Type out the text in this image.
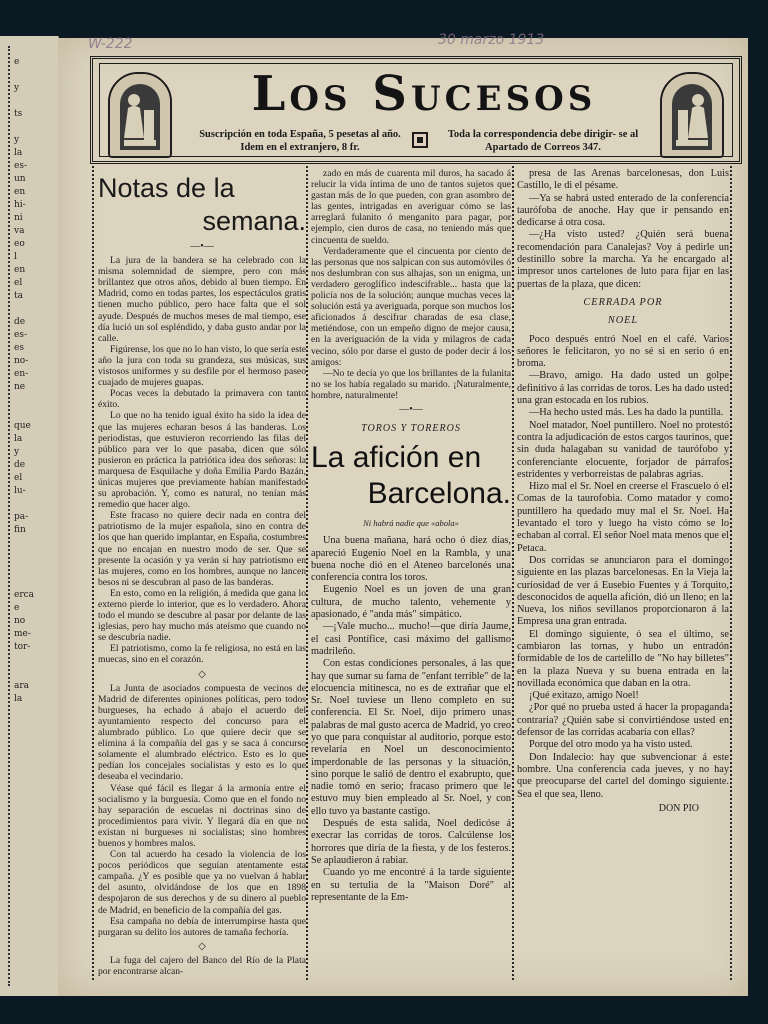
e

y

ts

y
la
es-
un
en
hi-
ni
va
eo
l
en
el
ta

de
es-
es
no-
en-
ne

que
la
y
de
el
lu-

pa-
fin

erca
e
no
me-
tor-

ara
la
W-222	30 marzo 1913
Los Sucesos
Suscripción en toda España, 5 pesetas al año. Idem en el extranjero, 8 fr.
Toda la correspondencia debe dirigir- se al Apartado de Correos 347.
Notas de la
semana.
—•—

La jura de la bandera se ha celebrado con la misma solemnidad de siempre, pero con más brillantez que otros años, debido al buen tiempo. En Madrid, como en todas partes, los espectáculos gratis tienen mucho público, pero hace falta que el sol ayude. Después de muchos meses de mal tiempo, ese día lució un sol espléndido, y daba gusto andar por la calle.

Figúrense, los que no lo han visto, lo que sería este año la jura con toda su grandeza, sus músicas, sus vistosos uniformes y su desfile por el hermoso paseo cuajado de mujeres guapas.

Pocas veces la debutado la primavera con tanto éxito.

Lo que no ha tenido igual éxito ha sido la idea de que las mujeres echaran besos á las banderas. Los periodistas, que estuvieron recorriendo las filas del público para ver lo que pasaba, dicen que sólo pusieron en práctica la patriótica idea dos señoras: la marquesa de Esquilache y doña Emilia Pardo Bazán, únicas mujeres que previamente habían manifestado su aprobación. Y, como es natural, no tenían más remedio que hacer algo.

Este fracaso no quiere decir nada en contra del patriotismo de la mujer española, sino en contra de los que han querido implantar, en España, costumbres que no encajan en nuestro modo de ser. Que se presente la ocasión y ya verán si hay patriotismo en las mujeres, como en los hombres, aunque no lancen besos ni se descubran al paso de las banderas.

En esto, como en la religión, á medida que gana lo externo pierde lo interior, que es lo verdadero. Ahora todo el mundo se descubre al pasar por delante de las iglesias, pero hay mucho más ateísmo que cuando no se descubría nadie.

El patriotismo, como la fe religiosa, no está en las muecas, sino en el corazón.

◇

La Junta de asociados compuesta de vecinos de Madrid de diferentes opiniones políticas, pero todos burgueses, ha echado á abajo el acuerdo del ayuntamiento respecto del concurso para el alumbrado público. Lo que quiere decir que se elimina á la compañía del gas y se saca á concurso solamente el alumbrado eléctrico. Esto es lo que pedían los concejales socialistas y esto es lo que deseaba el vecindario.

Véase qué fácil es llegar á la armonía entre el socialismo y la burguesía. Como que en el fondo no hay separación de escuelas ni doctrinas sino de procedimientos para vivir. Y llegará día en que no existan ni burgueses ni socialistas; sino hombres buenos y hombres malos.

Con tal acuerdo ha cesado la violencia de los pocos periódicos que seguían atentamente esta campaña. ¿Y es posible que ya no vuelvan á hablar del asunto, olvidándose de los que en 1898 despojaron de sus derechos y de su dinero al pueblo de Madrid, en beneficio de la compañía del gas.

Esa campaña no debía de interrumpirse hasta que purgaran su delito los autores de tamaña fechoría.

◇

La fuga del cajero del Banco del Río de la Plata por encontrarse alcan-

zado en más de cuarenta mil duros, ha sacado á relucir la vida íntima de uno de tantos sujetos que gastan más de lo que pueden, con gran asombro de las gentes, intrigadas en averiguar cómo se las arreglará fulanito ó menganito para pagar, por ejemplo, cien duros de casa, no teniendo más que cincuenta de sueldo.

Verdaderamente que el cincuenta por ciento de las personas que nos salpican con sus automóviles ó nos deslumbran con sus alhajas, son un enigma, un verdadero geroglífico indescifrable... hasta que la policía nos de la solución; aunque muchas veces la solución está ya averiguada, porque son muchos los aficionados á descifrar charadas de esa clase, metiéndose, con un empeño digno de mejor causa, en la averiguación de la vida y milagros de cada vecino, sólo por darse el gusto de poder decir á los amigos:

—No te decía yo que los brillantes de la fulanita no se los había regalado su marido. ¡Naturalmente, hombre, naturalmente!

—•—
TOROS Y TOREROS
La afición en
Barcelona.
Ni habrá nadie que «abola»

Una buena mañana, hará ocho ó diez días, apareció Eugenio Noel en la Rambla, y una buena noche dió en el Ateneo barcelonés una conferencia contra los toros.

Eugenio Noel es un joven de una gran cultura, de mucho talento, vehemente y apasionado, é "anda más" simpático.

—¡Vale mucho... mucho!—que diría Jaume, el casi Pontífice, casi máximo del gallismo madrileño.

Con estas condiciones personales, á las que hay que sumar su fama de "enfant terrible" de la elocuencia mitinesca, no es de extrañar que el Sr. Noel tuviese un lleno completo en su conferencia. El Sr. Noel, dijo primero unas palabras de mal gusto acerca de Madrid, yo creo yo que para conquistar al auditorio, porque esto revelaría en Noel un desconocimiento imperdonable de las personas y la situación, sino porque le salió de dentro el exabrupto, que nadie tomó en serio; fracaso primero que le estuvo muy bien empleado al Sr. Noel, y con ello tuvo ya bastante castigo.

Después de esta salida, Noel dedicóse á execrar las corridas de toros. Calcúlense los horrores que diría de la fiesta, y de los festeros. Se aplaudieron á rabiar.

Cuando yo me encontré á la tarde siguiente en su tertulia de la "Maison Doré" al representante de la Em-

presa de las Arenas barcelonesas, don Luis Castillo, le di el pésame.

—Ya se habrá usted enterado de la conferencia taurófoba de anoche. Hay que ir pensando en dedicarse á otra cosa.

—¿Ha visto usted? ¿Quién será buena recomendación para Canalejas? Voy á pedirle un destinillo sobre la marcha. Ya he encargado al impresor unos cartelones de luto para fijar en las puertas de la plaza, que dicen:

CERRADA POR

NOEL

Poco después entró Noel en el café. Varios señores le felicitaron, yo no sé si en serio ó en broma.

—Bravo, amigo. Ha dado usted un golpe definitivo á las corridas de toros. Les ha dado usted una gran estocada en los rubios.

—Ha hecho usted más. Les ha dado la puntilla.

Noel matador, Noel puntillero. Noel no protestó contra la adjudicación de estos cargos taurinos, que sin duda halagaban su vanidad de taurófobo y conferenciante elocuente, forjador de párrafos estridentes y verborreistas de palabras agrias.

Hizo mal el Sr. Noel en creerse el Frascuelo ó el Comas de la taurofobia. Como matador y como puntillero ha quedado muy mal el Sr. Noel. Ha levantado el toro y luego ha visto cómo se lo echaban al corral. El señor Noel mata menos que el Petaca.

Dos corridas se anunciaron para el domingo siguiente en las plazas barcelonesas. En la Vieja la curiosidad de ver á Eusebio Fuentes y á Torquito, desconocidos de aquella afición, dió un lleno; en la Nueva, los niños sevillanos proporcionaron á la Empresa una gran entrada.

El domingo siguiente, ó sea el último, se cambiaron las tornas, y hubo un entradón formidable de los de cartelillo de "No hay billetes" en la plaza Nueva y su buena entrada en la novillada económica que daban en la otra.

¡Qué exitazo, amigo Noel!

¿Por qué no prueba usted á hacer la propaganda contraria? ¿Quién sabe si convirtiéndose usted en defensor de las corridas acabaría con ellas?

Porque del otro modo ya ha visto usted.

Don Indalecio: hay que subvencionar á este hombre. Una conferencia cada jueves, y no hay que preocuparse del cartel del domingo siguiente. Sea el que sea, lleno.

DON PIO
